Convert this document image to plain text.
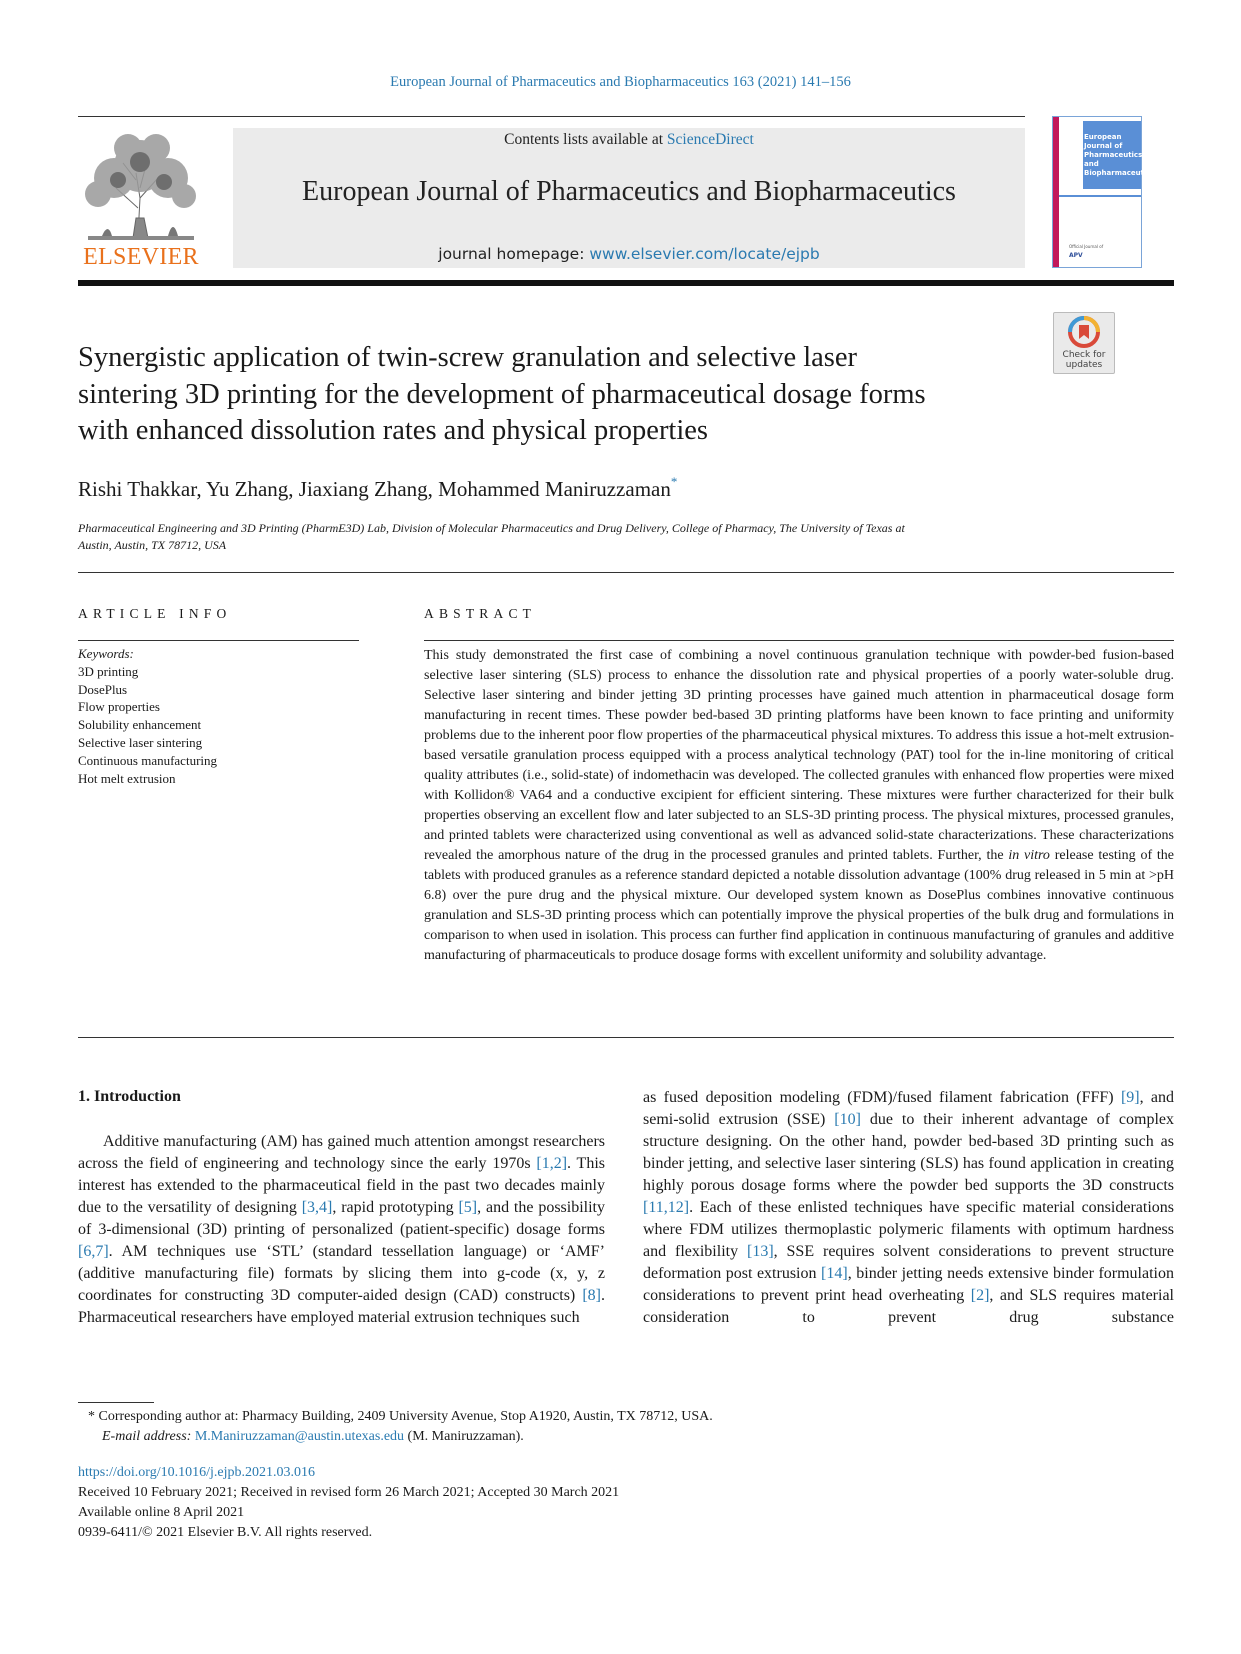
European Journal of Pharmaceutics and Biopharmaceutics 163 (2021) 141–156
ELSEVIER
Contents lists available at ScienceDirect
European Journal of Pharmaceutics and Biopharmaceutics
journal homepage: www.elsevier.com/locate/ejpb
European
Journal of
Pharmaceutics and
Biopharmaceutics
Official Journal of
APV
Check for
updates
Synergistic application of twin-screw granulation and selective laser
sintering 3D printing for the development of pharmaceutical dosage forms
with enhanced dissolution rates and physical properties
Rishi Thakkar, Yu Zhang, Jiaxiang Zhang, Mohammed Maniruzzaman*
Pharmaceutical Engineering and 3D Printing (PharmE3D) Lab, Division of Molecular Pharmaceutics and Drug Delivery, College of Pharmacy, The University of Texas at
Austin, Austin, TX 78712, USA
ARTICLE INFO	ABSTRACT
Keywords:
3D printing
DosePlus
Flow properties
Solubility enhancement
Selective laser sintering
Continuous manufacturing
Hot melt extrusion
This study demonstrated the first case of combining a novel continuous granulation technique with powder-bed fusion-based selective laser sintering (SLS) process to enhance the dissolution rate and physical properties of a poorly water-soluble drug. Selective laser sintering and binder jetting 3D printing processes have gained much attention in pharmaceutical dosage form manufacturing in recent times. These powder bed-based 3D printing platforms have been known to face printing and uniformity problems due to the inherent poor flow properties of the pharmaceutical physical mixtures. To address this issue a hot-melt extrusion-based versatile granulation process equipped with a process analytical technology (PAT) tool for the in-line monitoring of critical quality attributes (i.e., solid-state) of indomethacin was developed. The collected granules with enhanced flow properties were mixed with Kollidon® VA64 and a conductive excipient for efficient sintering. These mixtures were further characterized for their bulk properties observing an excellent flow and later subjected to an SLS-3D printing process. The physical mixtures, processed granules, and printed tablets were characterized using conventional as well as advanced solid-state characterizations. These characterizations revealed the amorphous nature of the drug in the processed granules and printed tablets. Further, the in vitro release testing of the tablets with produced granules as a reference standard depicted a notable dissolution advantage (100% drug released in 5 min at >pH 6.8) over the pure drug and the physical mixture. Our developed system known as DosePlus combines innovative continuous granulation and SLS-3D printing process which can potentially improve the physical properties of the bulk drug and formulations in comparison to when used in isolation. This process can further find application in continuous manufacturing of granules and additive manufacturing of pharmaceuticals to produce dosage forms with excellent uniformity and solubility advantage.
1. Introduction

Additive manufacturing (AM) has gained much attention amongst researchers across the field of engineering and technology since the early 1970s [1,2]. This interest has extended to the pharmaceutical field in the past two decades mainly due to the versatility of designing [3,4], rapid prototyping [5], and the possibility of 3-dimensional (3D) printing of personalized (patient-specific) dosage forms [6,7]. AM techniques use ‘STL’ (standard tessellation language) or ‘AMF’ (additive manufacturing file) formats by slicing them into g-code (x, y, z coordinates for constructing 3D computer-aided design (CAD) constructs) [8]. Pharmaceutical researchers have employed material extrusion techniques such

as fused deposition modeling (FDM)/fused filament fabrication (FFF) [9], and semi-solid extrusion (SSE) [10] due to their inherent advantage of complex structure designing. On the other hand, powder bed-based 3D printing such as binder jetting, and selective laser sintering (SLS) has found application in creating highly porous dosage forms where the powder bed supports the 3D constructs [11,12]. Each of these enlisted techniques have specific material considerations where FDM utilizes thermoplastic polymeric filaments with optimum hardness and flexibility [13], SSE requires solvent considerations to prevent structure deformation post extrusion [14], binder jetting needs extensive binder formulation considerations to prevent print head overheating [2], and SLS requires material consideration to prevent drug substance

* Corresponding author at: Pharmacy Building, 2409 University Avenue, Stop A1920, Austin, TX 78712, USA.
E-mail address: M.Maniruzzaman@austin.utexas.edu (M. Maniruzzaman).
https://doi.org/10.1016/j.ejpb.2021.03.016
Received 10 February 2021; Received in revised form 26 March 2021; Accepted 30 March 2021
Available online 8 April 2021
0939-6411/© 2021 Elsevier B.V. All rights reserved.
